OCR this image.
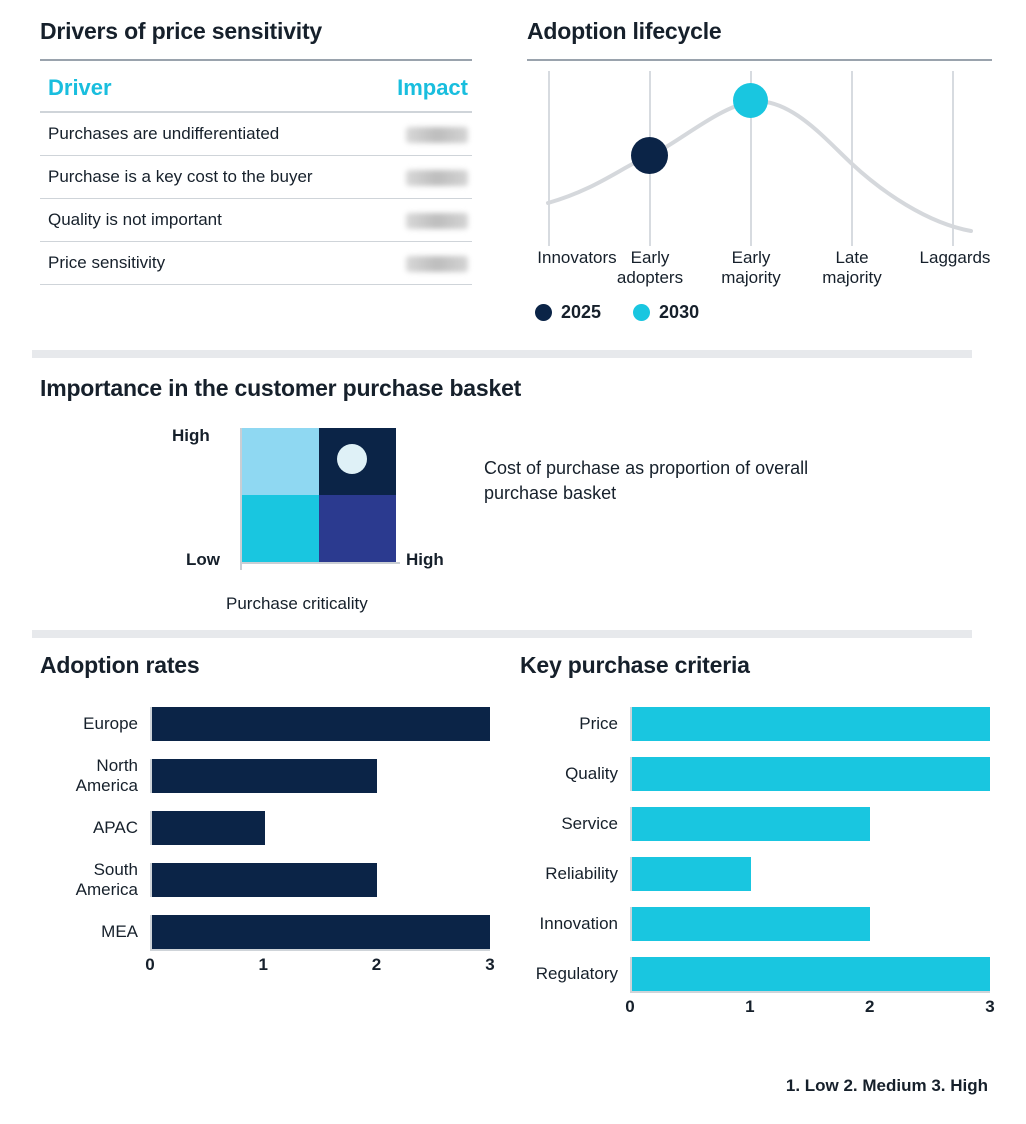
Drivers of price sensitivity
Driver	Impact
Purchases are undifferentiated	
Purchase is a key cost to the buyer	
Quality is not important	
Price sensitivity	
Adoption lifecycle
Innovators Early
adopters
Early
majority
Late
majority
Laggards
2025	2030
Importance in the customer purchase basket
High
Low	High
Purchase criticality
Cost of purchase as proportion of overall purchase basket
Adoption rates
Europe
North
America
APAC
South
America
MEA
0	1	2	3
Key purchase criteria
Price
Quality
Service
Reliability
Innovation
Regulatory
0	1	2	3
1. Low 2. Medium 3. High
